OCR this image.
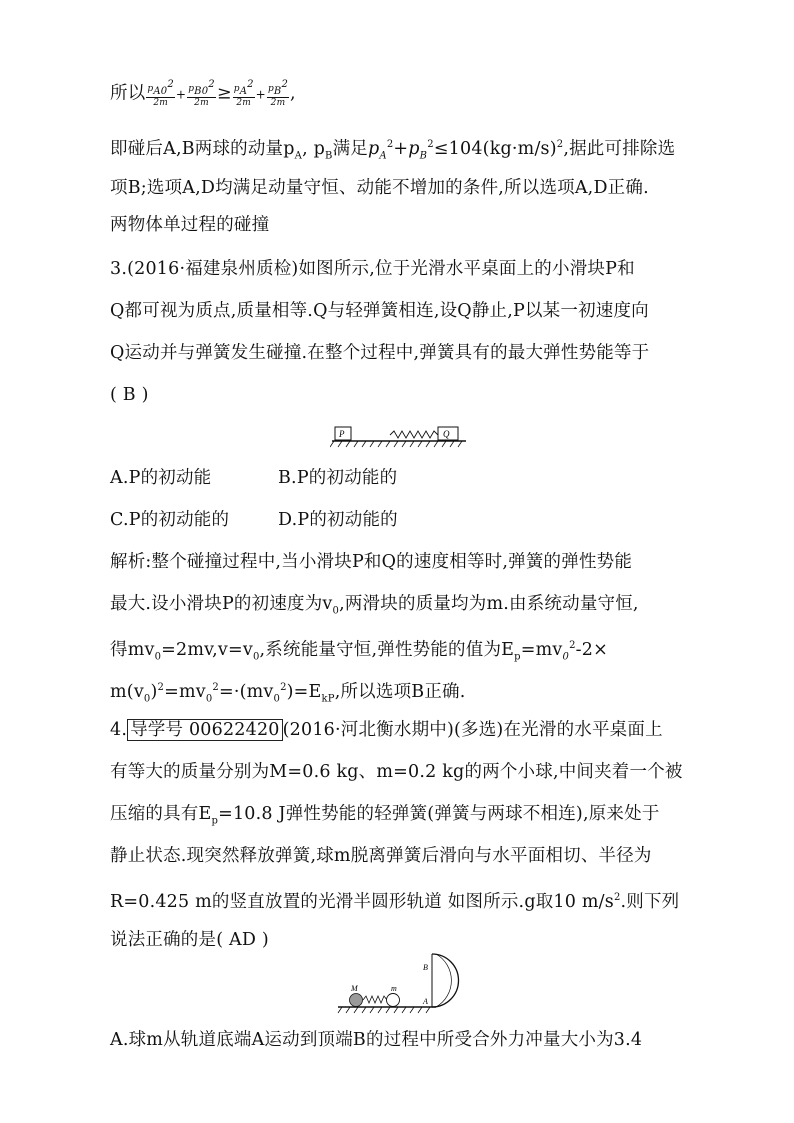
所以 $\frac{p_{A0}^2}{2m} + \frac{p_{B0}^2}{2m} \ge \frac{p_A^2}{2m} + \frac{p_B^2}{2m}$ ,
即碰后A,B两球的动量$p_A$, $p_B$满足$p_A^2+p_B^2\le 104(kg\cdot m/s)^2$,据此可排除选
项B;选项A,D均满足动量守恒、动能不增加的条件,所以选项A,D正确.
两物体单过程的碰撞
3.(2016·福建泉州质检)如图所示,位于光滑水平桌面上的小滑块P和
Q都可视为质点,质量相等.Q与轻弹簧相连,设Q静止,P以某一初速度向
Q运动并与弹簧发生碰撞.在整个过程中,弹簧具有的最大弹性势能等于
( B )
P	Q
A.P的初动能	B.P的初动能的
C.P的初动能的	D.P的初动能的
解析:整个碰撞过程中,当小滑块P和Q的速度相等时,弹簧的弹性势能
最大.设小滑块P的初速度为$v_0$,两滑块的质量均为m.由系统动量守恒,
得$mv_0=2mv,v=v_0$,系统能量守恒,弹性势能的值为$E_p=mv_0^2-2\times$
$m(v_0)^2=mv_0^2=\cdot(mv_0^2)=E_{kP}$,所以选项B正确.
4. 导学号 00622420 (2016·河北衡水期中)(多选)在光滑的水平桌面上
有等大的质量分别为M=0.6 kg、m=0.2 kg的两个小球,中间夹着一个被
压缩的具有$E_p=10.8$ J弹性势能的轻弹簧(弹簧与两球不相连),原来处于
静止状态.现突然释放弹簧,球m脱离弹簧后滑向与水平面相切、半径为
R=0.425 m的竖直放置的光滑半圆形轨道 如图所示.g取10 $m/s^2$.则下列
说法正确的是( AD )
M	m
A
B
A.球m从轨道底端A运动到顶端B的过程中所受合外力冲量大小为3.4
